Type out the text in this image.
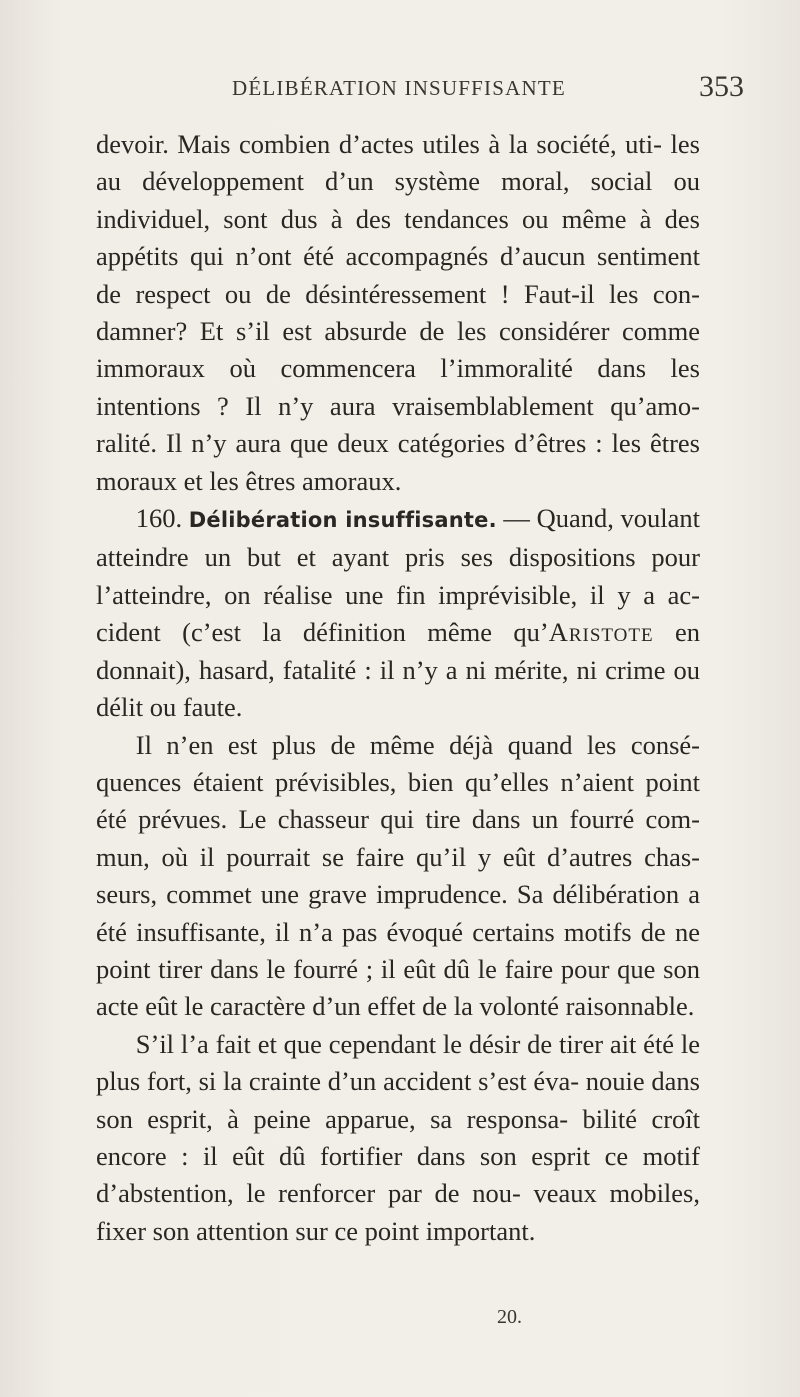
DÉLIBÉRATION INSUFFISANTE	353

devoir. Mais combien d’actes utiles à la société, uti- les au développement d’un système moral, social ou individuel, sont dus à des tendances ou même à des appétits qui n’ont été accompagnés d’aucun sentiment de respect ou de désintéressement ! Faut-il les con- damner? Et s’il est absurde de les considérer comme immoraux où commencera l’immoralité dans les intentions ? Il n’y aura vraisemblablement qu’amo- ralité. Il n’y aura que deux catégories d’êtres : les êtres moraux et les êtres amoraux.

160. Délibération insuffisante. — Quand, voulant atteindre un but et ayant pris ses dispositions pour l’atteindre, on réalise une fin imprévisible, il y a ac- cident (c’est la définition même qu’Aristote en donnait), hasard, fatalité : il n’y a ni mérite, ni crime ou délit ou faute.

Il n’en est plus de même déjà quand les consé- quences étaient prévisibles, bien qu’elles n’aient point été prévues. Le chasseur qui tire dans un fourré com- mun, où il pourrait se faire qu’il y eût d’autres chas- seurs, commet une grave imprudence. Sa délibération a été insuffisante, il n’a pas évoqué certains motifs de ne point tirer dans le fourré ; il eût dû le faire pour que son acte eût le caractère d’un effet de la volonté raisonnable.

S’il l’a fait et que cependant le désir de tirer ait été le plus fort, si la crainte d’un accident s’est éva- nouie dans son esprit, à peine apparue, sa responsa- bilité croît encore : il eût dû fortifier dans son esprit ce motif d’abstention, le renforcer par de nou- veaux mobiles, fixer son attention sur ce point important.

20.
